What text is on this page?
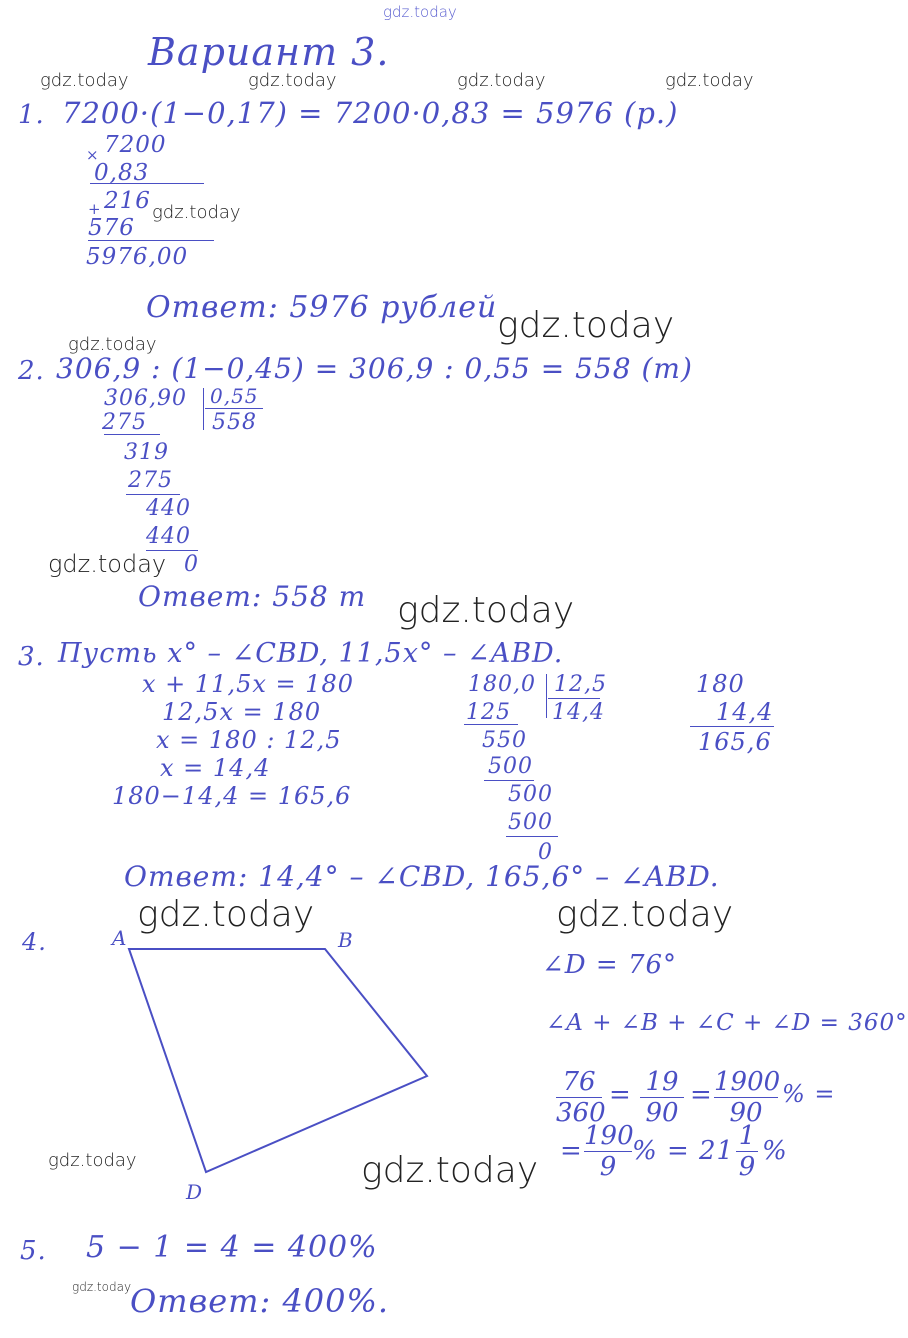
gdz.today
gdz.today	gdz.today	gdz.today	gdz.today
gdz.today
gdz.today
gdz.today
gdz.today
gdz.today
gdz.today	gdz.today
gdz.today	gdz.today
gdz.today
Вариант 3.
1. 7200·(1−0,17) = 7200·0,83 = 5976 (р.)
× 7200
0,83
+ 216
576
5976,00
Ответ: 5976 рублей
2. 306,9 : (1−0,45) = 306,9 : 0,55 = 558 (т)
306,90 0,55
558
275
319
275
440
440
0
Ответ: 558 т
3. Пусть x° – ∠CBD, 11,5x° – ∠ABD.
x + 11,5x = 180
12,5x = 180
x = 180 : 12,5
x = 14,4
180−14,4 = 165,6
180,0 12,5
14,4
125
550
500
500
500
0
180
14,4
165,6
Ответ: 14,4° – ∠CBD, 165,6° – ∠ABD.
4.	A	B
D
∠D = 76°
∠A + ∠B + ∠C + ∠D = 360°
76
360
= 19
90
= 1900
90
% =
= 190
9
% = 21 1
9
%
5. 5 − 1 = 4 = 400%
Ответ: 400%.
